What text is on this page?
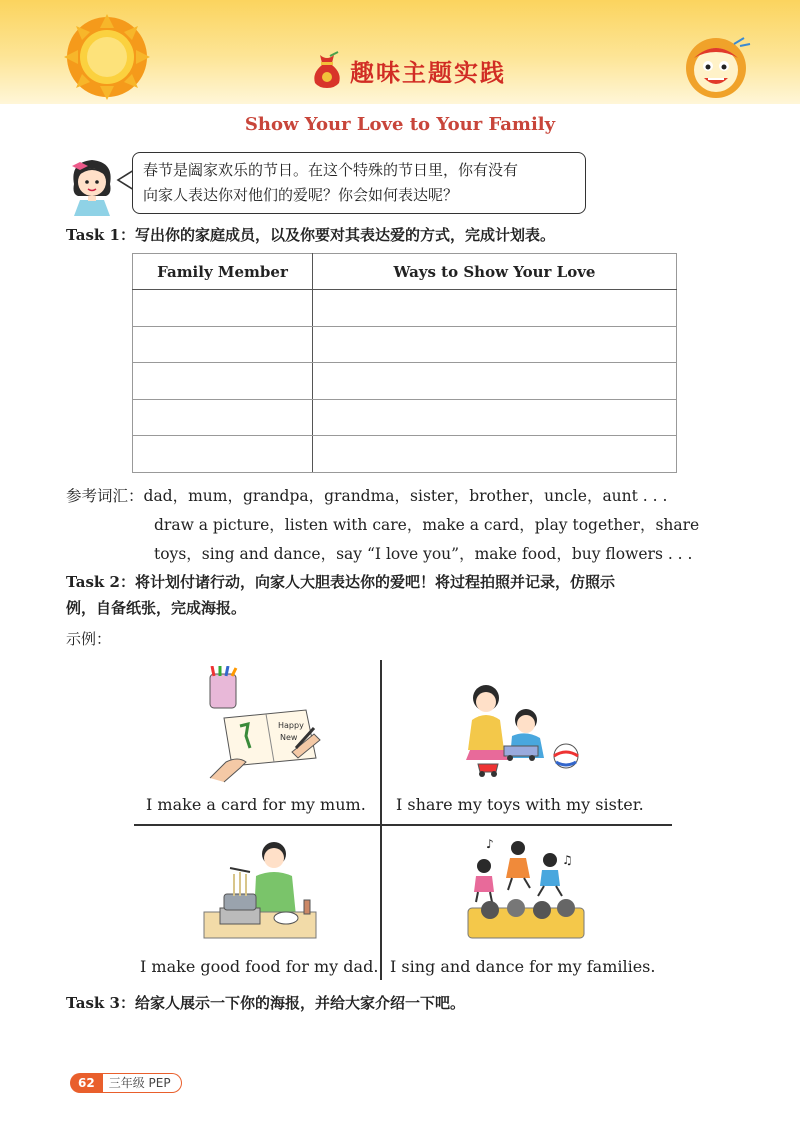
趣味主题实践
Show Your Love to Your Family
春节是阖家欢乐的节日。在这个特殊的节日里，你有没有
向家人表达你对他们的爱呢？你会如何表达呢？
Task 1：写出你的家庭成员，以及你要对其表达爱的方式，完成计划表。
Family Member	Ways to Show Your Love

参考词汇：dad，mum，grandpa，grandma，sister，brother，uncle，aunt . . .
draw a picture，listen with care，make a card，play together，share
toys，sing and dance，say “I love you”，make food，buy flowers . . .
Task 2：将计划付诸行动，向家人大胆表达你的爱吧！将过程拍照并记录，仿照示
例，自备纸张，完成海报。
示例：
Happy
New
♪
♫
I make a card for my mum. I share my toys with my sister.
I make good food for my dad. I sing and dance for my families.
Task 3：给家人展示一下你的海报，并给大家介绍一下吧。
62	三年级 PEP
